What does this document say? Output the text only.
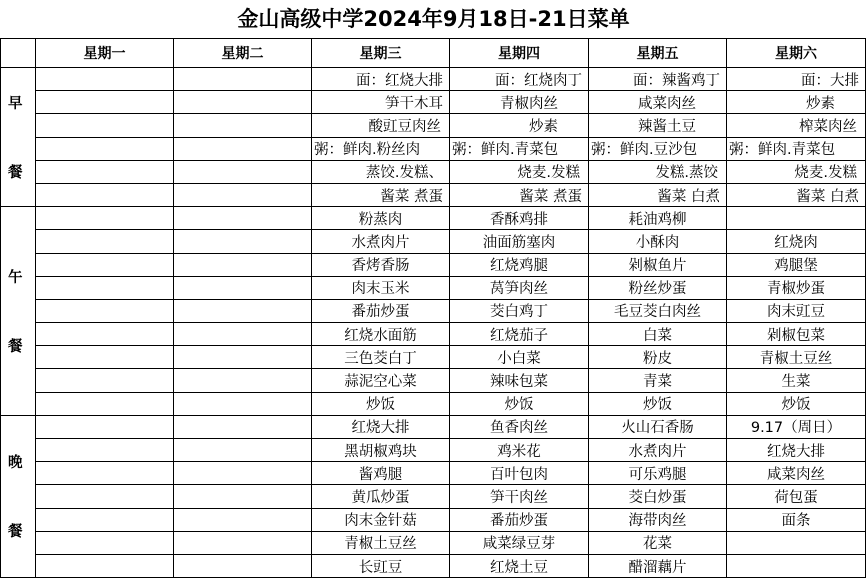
金山高级中学2024年9月18日-21日菜单
	星期一	星期二	星期三	星期四	星期五	星期六

早
餐			面：红烧大排	面：红烧肉丁	面：辣酱鸡丁	面：大排
			笋干木耳	青椒肉丝	咸菜肉丝	炒素
			酸豇豆肉丝	炒素	辣酱土豆	榨菜肉丝
			粥：鲜肉.粉丝肉	粥：鲜肉.青菜包	粥：鲜肉.豆沙包	粥：鲜肉.青菜包
			蒸饺.发糕、	烧麦.发糕	发糕.蒸饺	烧麦.发糕
			酱菜 煮蛋	酱菜 煮蛋	酱菜 白煮	酱菜 白煮

午
餐			粉蒸肉	香酥鸡排	耗油鸡柳	
			水煮肉片	油面筋塞肉	小酥肉	红烧肉
			香烤香肠	红烧鸡腿	剁椒鱼片	鸡腿堡
			肉末玉米	莴笋肉丝	粉丝炒蛋	青椒炒蛋
			番茄炒蛋	茭白鸡丁	毛豆茭白肉丝	肉末豇豆
			红烧水面筋	红烧茄子	白菜	剁椒包菜
			三色茭白丁	小白菜	粉皮	青椒土豆丝
			蒜泥空心菜	辣味包菜	青菜	生菜
			炒饭	炒饭	炒饭	炒饭

晚
餐			红烧大排	鱼香肉丝	火山石香肠	9.17（周日）
			黑胡椒鸡块	鸡米花	水煮肉片	红烧大排
			酱鸡腿	百叶包肉	可乐鸡腿	咸菜肉丝
			黄瓜炒蛋	笋干肉丝	茭白炒蛋	荷包蛋
			肉末金针菇	番茄炒蛋	海带肉丝	面条
			青椒土豆丝	咸菜绿豆芽	花菜	
			长豇豆	红烧土豆	醋溜藕片	
